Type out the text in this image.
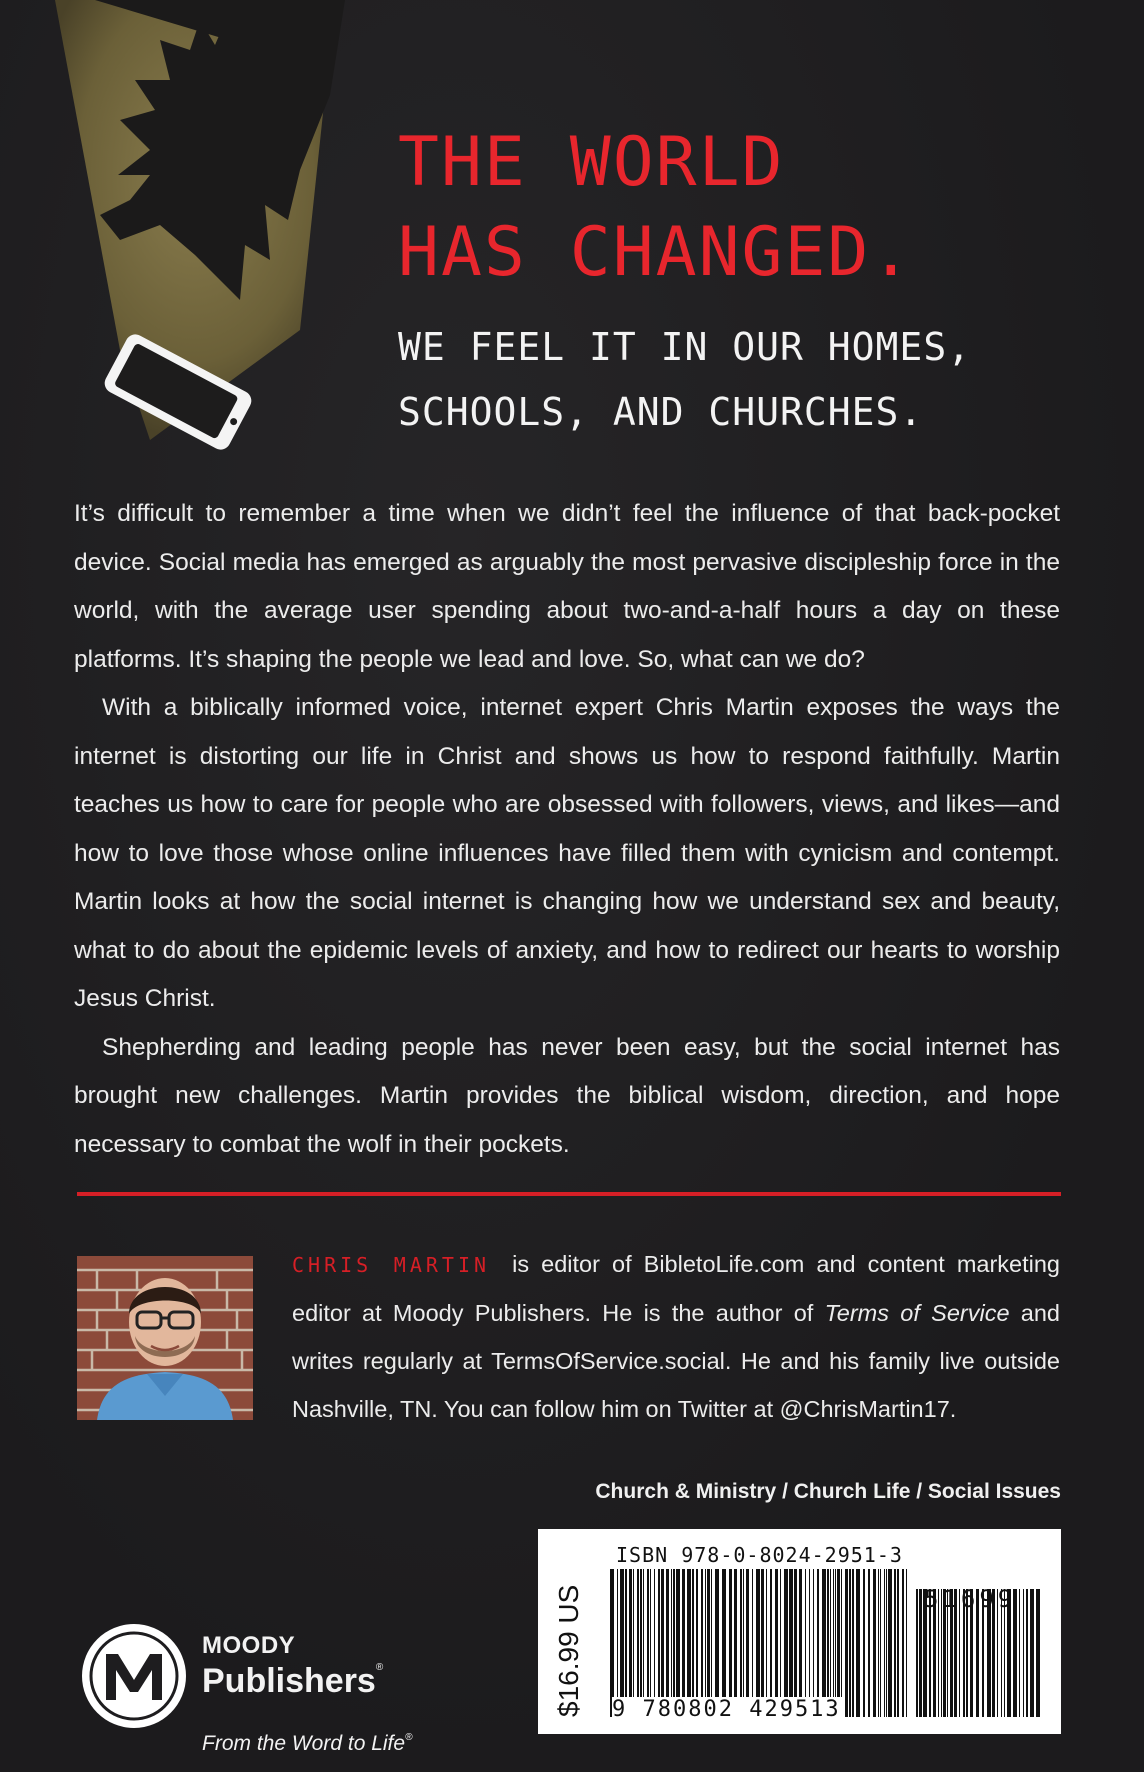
THE WORLD
HAS CHANGED.
WE FEEL IT IN OUR HOMES,
SCHOOLS, AND CHURCHES.

It’s difficult to remember a time when we didn’t feel the influence of that back-pocket device. Social media has emerged as arguably the most pervasive discipleship force in the world, with the average user spending about two-and-a-half hours a day on these platforms. It’s shaping the people we lead and love. So, what can we do?

With a biblically informed voice, internet expert Chris Martin exposes the ways the internet is distorting our life in Christ and shows us how to respond faithfully. Martin teaches us how to care for people who are obsessed with followers, views, and likes—and how to love those whose online influences have filled them with cynicism and contempt. Martin looks at how the social internet is changing how we understand sex and beauty, what to do about the epidemic levels of anxiety, and how to redirect our hearts to worship Jesus Christ.

Shepherding and leading people has never been easy, but the social internet has brought new challenges. Martin provides the biblical wisdom, direction, and hope necessary to combat the wolf in their pockets.

CHRIS MARTIN is editor of BibletoLife.com and content marketing editor at Moody Publishers. He is the author of Terms of Service and writes regularly at TermsOfService.social. He and his family live outside Nashville, TN. You can follow him on Twitter at @ChrisMartin17.

Church & Ministry / Church Life / Social Issues

MOODY

Publishers®

From the Word to Life®

$16.99 US

ISBN 978-0-8024-2951-3

9 780802 429513
